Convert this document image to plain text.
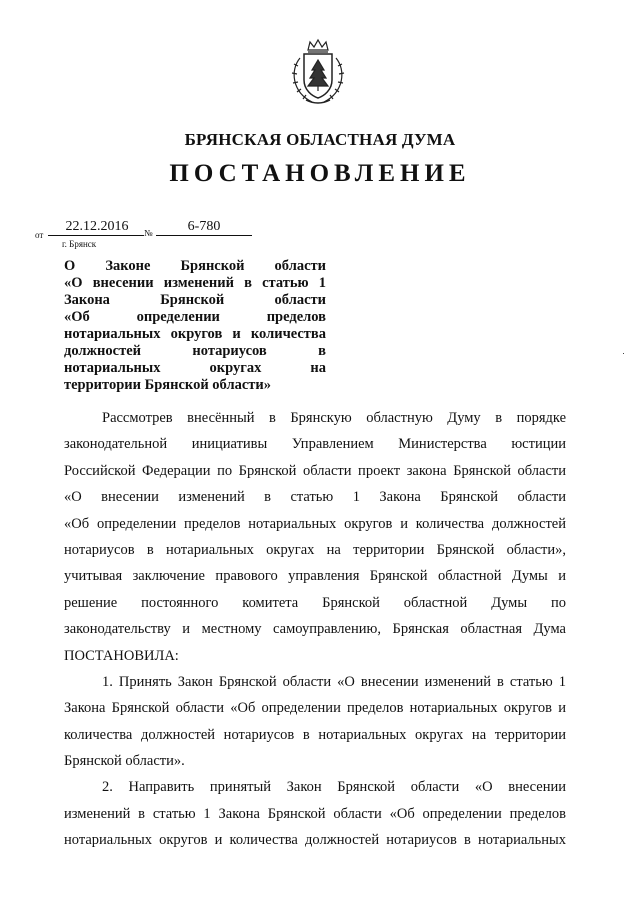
БРЯНСКАЯ ОБЛАСТНАЯ ДУМА
ПОСТАНОВЛЕНИЕ
от
22.12.2016	№	6-780
г. Брянск
О Законе Брянской области
«О внесении изменений в статью 1
Закона Брянской области
«Об определении пределов
нотариальных округов и количества
должностей нотариусов в
нотариальных округах на
территории Брянской области»
Рассмотрев внесённый в Брянскую областную Думу в порядке
законодательной инициативы Управлением Министерства юстиции
Российской Федерации по Брянской области проект закона Брянской области
«О внесении изменений в статью 1 Закона Брянской области
«Об определении пределов нотариальных округов и количества должностей
нотариусов в нотариальных округах на территории Брянской области»,
учитывая заключение правового управления Брянской областной Думы и
решение постоянного комитета Брянской областной Думы по
законодательству и местному самоуправлению, Брянская областная Дума
ПОСТАНОВИЛА:
1. Принять Закон Брянской области «О внесении изменений в статью 1
Закона Брянской области «Об определении пределов нотариальных округов и
количества должностей нотариусов в нотариальных округах на территории
Брянской области».
2. Направить принятый Закон Брянской области «О внесении
изменений в статью 1 Закона Брянской области «Об определении пределов
нотариальных округов и количества должностей нотариусов в нотариальных
